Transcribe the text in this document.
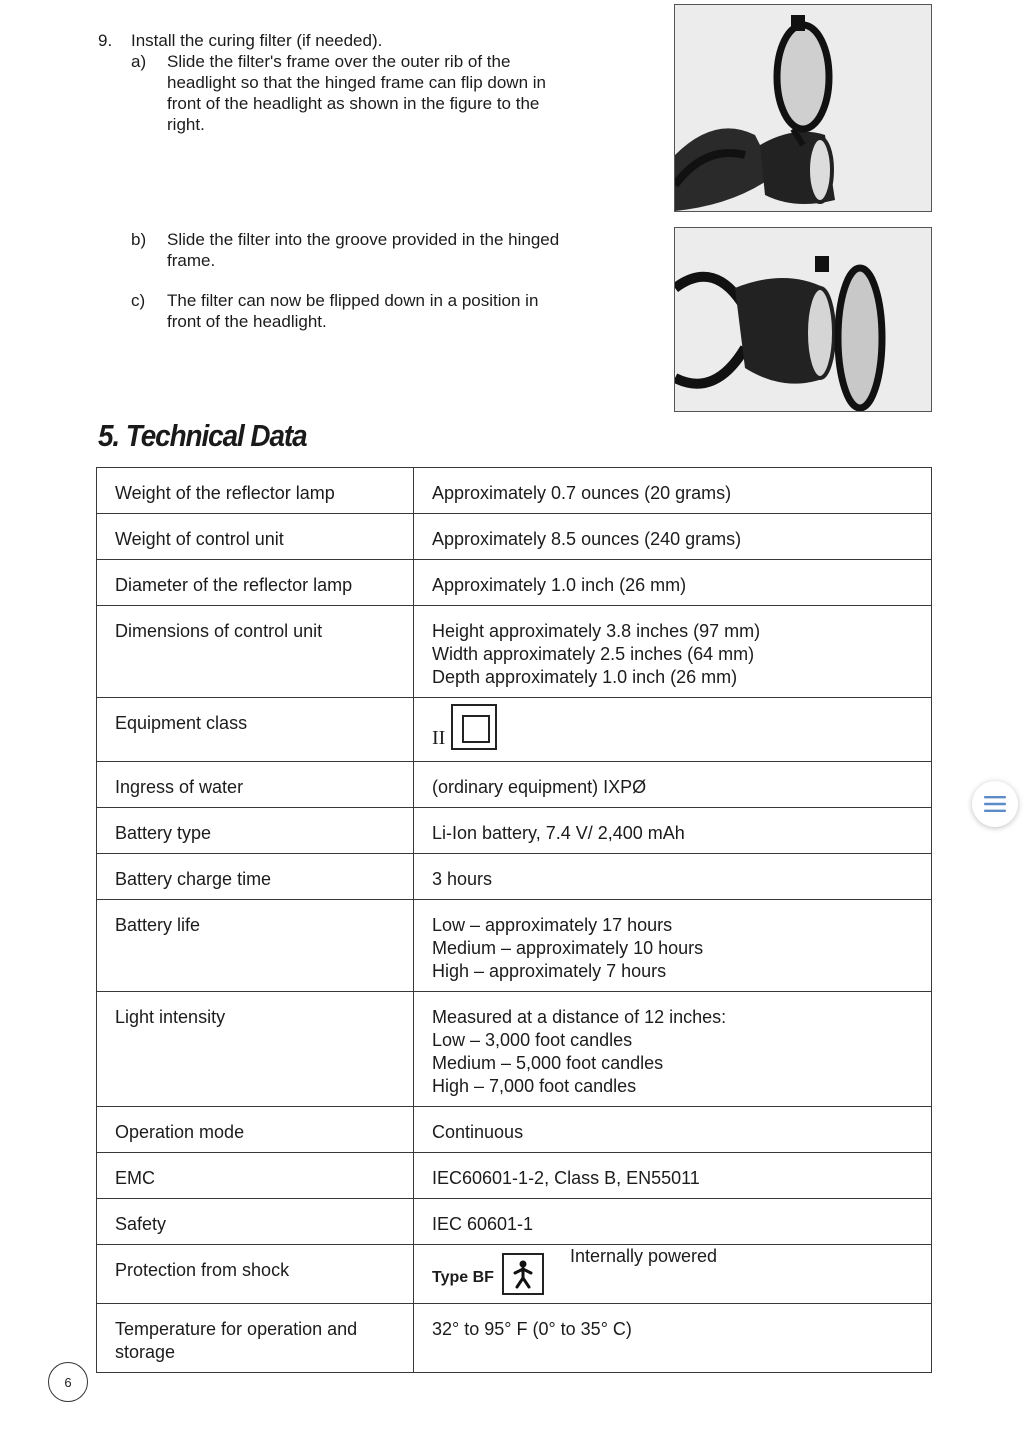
9. Install the curing filter (if needed).
a) Slide the filter's frame over the outer rib of the
headlight so that the hinged frame can flip down in
front of the headlight as shown in the figure to the
right.
b) Slide the filter into the groove provided in the hinged
frame.
c) The filter can now be flipped down in a position in
front of the headlight.
5. Technical Data
Weight of the reflector lamp	Approximately 0.7 ounces (20 grams)

Weight of control unit	Approximately 8.5 ounces (240 grams)

Diameter of the reflector lamp	Approximately 1.0 inch (26 mm)

Dimensions of control unit	Height approximately 3.8 inches (97 mm)
Width approximately 2.5 inches (64 mm)
Depth approximately 1.0 inch (26 mm)

Equipment class	II

Ingress of water	(ordinary equipment) IXPØ

Battery type	Li-Ion battery, 7.4 V/ 2,400 mAh

Battery charge time	3 hours

Battery life	Low – approximately 17 hours
Medium – approximately 10 hours
High – approximately 7 hours

Light intensity	Measured at a distance of 12 inches:
Low – 3,000 foot candles
Medium – 5,000 foot candles
High – 7,000 foot candles

Operation mode	Continuous

EMC	IEC60601-1-2, Class B, EN55011

Safety	IEC 60601-1

Protection from shock	Type BF
Internally powered

Temperature for operation and storage	32° to 95° F (0° to 35° C)
6
